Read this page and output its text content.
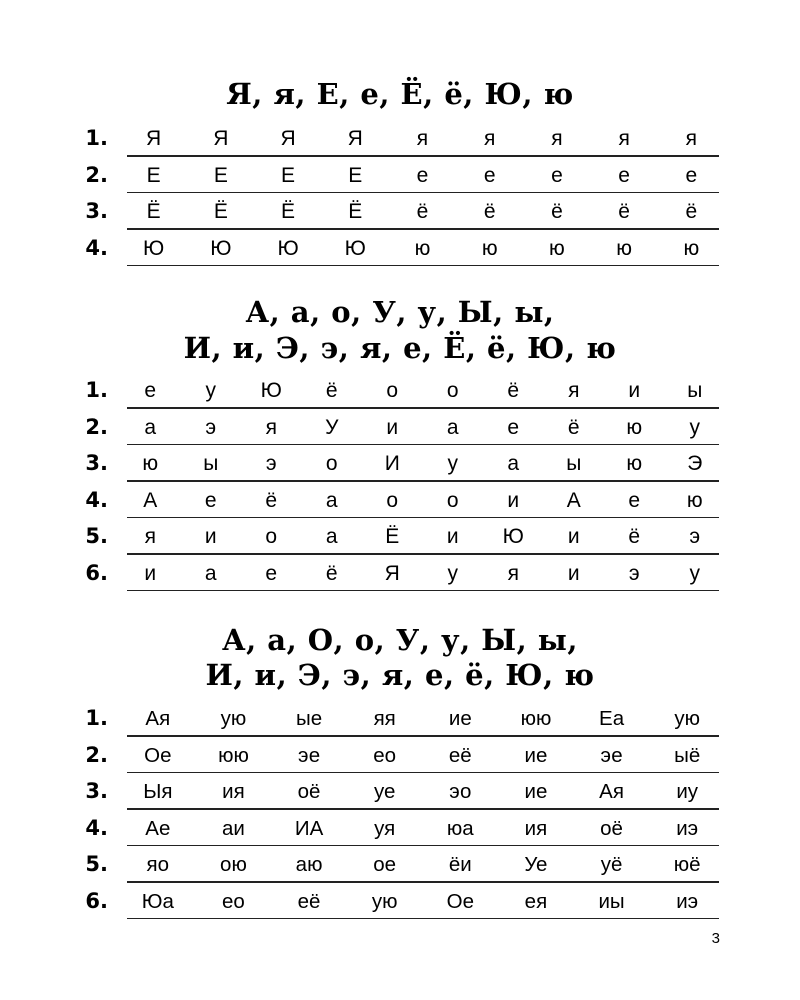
Я, я, Е, е, Ё, ё, Ю, ю
1.	Я	Я	Я	Я	я	я	я	я	я
2.	Е	Е	Е	Е	е	е	е	е	е
3.	Ё	Ё	Ё	Ё	ё	ё	ё	ё	ё
4.	Ю	Ю	Ю	Ю	ю	ю	ю	ю	ю
А, а, о, У, у, Ы, ы,
И, и, Э, э, я, е, Ё, ё, Ю, ю
1.	е	у	Ю	ё	о	о	ё	я	и	ы
2.	а	э	я	У	и	а	е	ё	ю	у
3.	ю	ы	э	о	И	у	а	ы	ю	Э
4.	А	е	ё	а	о	о	и	А	е	ю
5.	я	и	о	а	Ё	и	Ю	и	ё	э
6.	и	а	е	ё	Я	у	я	и	э	у
А, а, О, о, У, у, Ы, ы,
И, и, Э, э, я, е, ё, Ю, ю
1.	Ая	ую	ые	яя	ие	юю	Еа	ую
2.	Ое	юю	эе	ео	её	ие	эе	ыё
3.	Ыя	ия	оё	уе	эо	ие	Ая	иу
4.	Ае	аи	ИА	уя	юа	ия	оё	иэ
5.	яо	ою	аю	ое	ёи	Уе	уё	юё
6.	Юа	ео	её	ую	Ое	ея	иы	иэ
3
